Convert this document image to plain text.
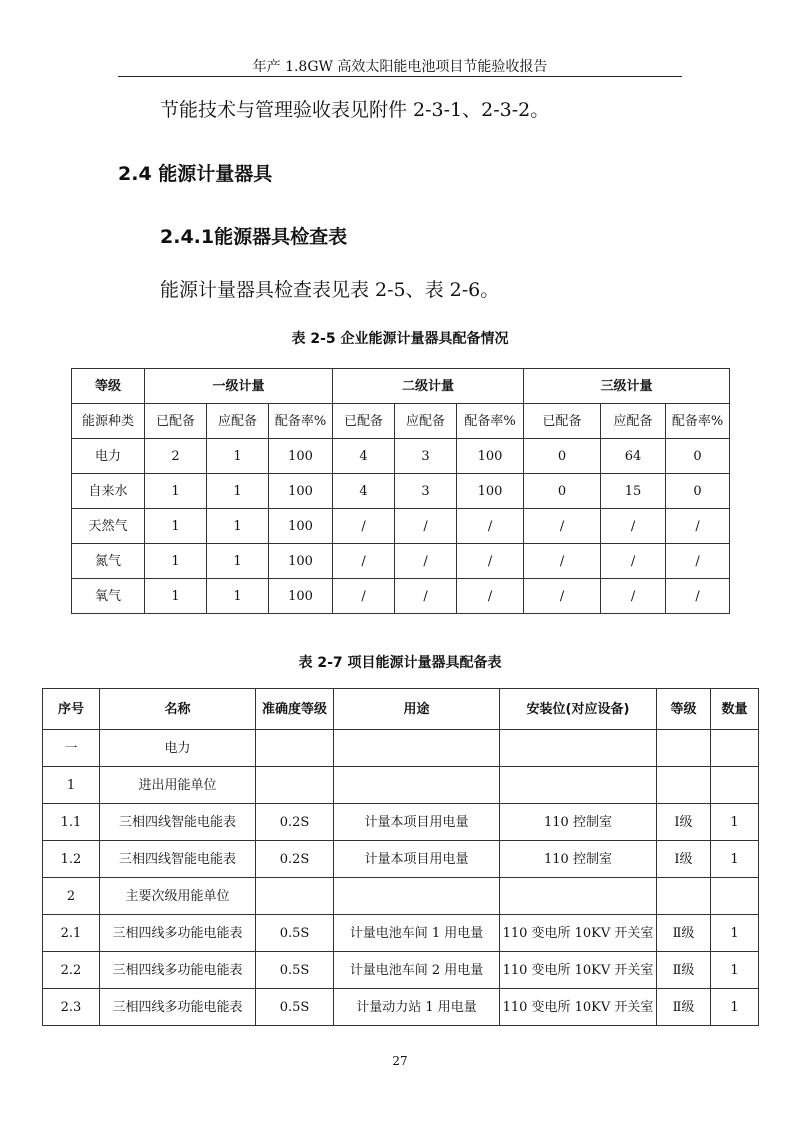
年产 1.8GW 高效太阳能电池项目节能验收报告
节能技术与管理验收表见附件 2-3-1、2-3-2。
2.4 能源计量器具
2.4.1能源器具检查表
能源计量器具检查表见表 2-5、表 2-6。
表 2-5 企业能源计量器具配备情况
等级	一级计量			二级计量			三级计量		
能源种类	已配备	应配备	配备率%	已配备	应配备	配备率%	已配备	应配备	配备率%
电力	2	1	100	4	3	100	0	64	0
自来水	1	1	100	4	3	100	0	15	0
天然气	1	1	100	/	/	/	/	/	/
氮气	1	1	100	/	/	/	/	/	/
氧气	1	1	100	/	/	/	/	/	/
表 2-7 项目能源计量器具配备表
序号	名称	准确度等级	用途	安装位(对应设备)	等级	数量
一	电力					
1	进出用能单位					
1.1	三相四线智能电能表	0.2S	计量本项目用电量	110 控制室	Ⅰ级	1
1.2	三相四线智能电能表	0.2S	计量本项目用电量	110 控制室	Ⅰ级	1
2	主要次级用能单位					
2.1	三相四线多功能电能表	0.5S	计量电池车间 1 用电量	110 变电所 10KV 开关室	Ⅱ级	1
2.2	三相四线多功能电能表	0.5S	计量电池车间 2 用电量	110 变电所 10KV 开关室	Ⅱ级	1
2.3	三相四线多功能电能表	0.5S	计量动力站 1 用电量	110 变电所 10KV 开关室	Ⅱ级	1
27
